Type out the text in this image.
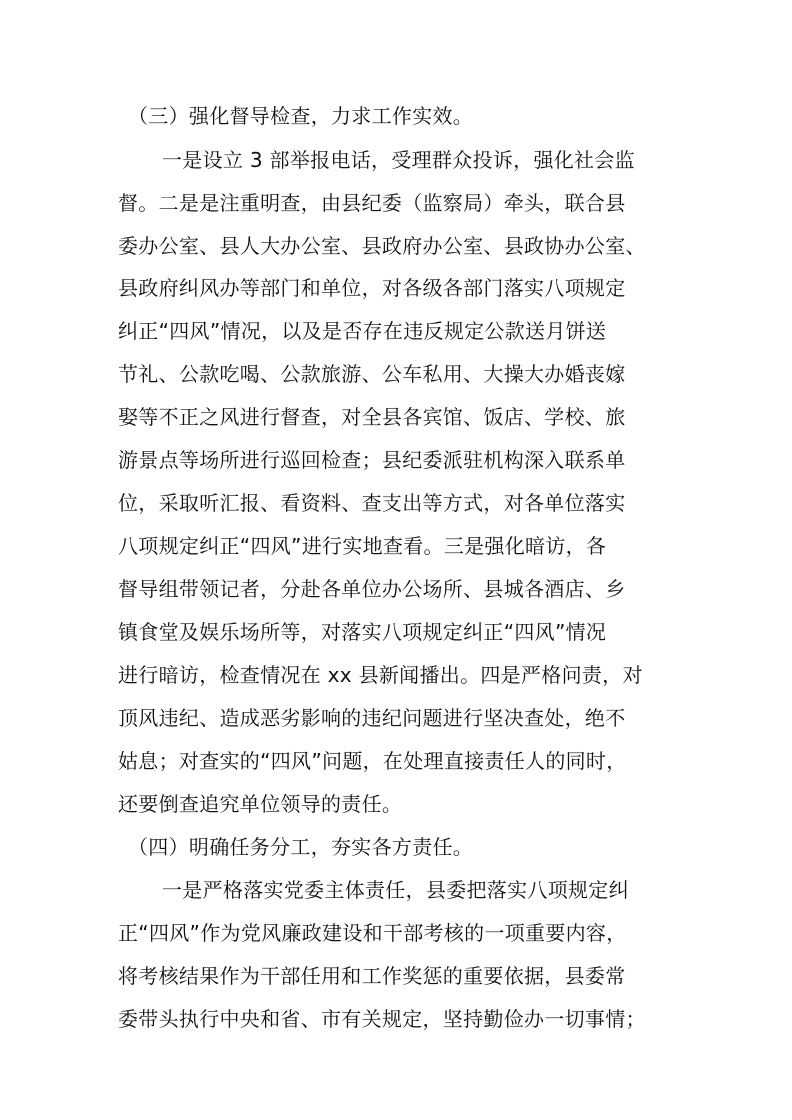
（三）强化督导检查，力求工作实效。
一是设立 3 部举报电话，受理群众投诉，强化社会监
督。二是是注重明查，由县纪委（监察局）牵头，联合县
委办公室、县人大办公室、县政府办公室、县政协办公室、
县政府纠风办等部门和单位，对各级各部门落实八项规定
纠正“四风”情况，以及是否存在违反规定公款送月饼送
节礼、公款吃喝、公款旅游、公车私用、大操大办婚丧嫁
娶等不正之风进行督查，对全县各宾馆、饭店、学校、旅
游景点等场所进行巡回检查；县纪委派驻机构深入联系单
位，采取听汇报、看资料、查支出等方式，对各单位落实
八项规定纠正“四风”进行实地查看。三是强化暗访，各
督导组带领记者，分赴各单位办公场所、县城各酒店、乡
镇食堂及娱乐场所等，对落实八项规定纠正“四风”情况
进行暗访，检查情况在 xx 县新闻播出。四是严格问责，对
顶风违纪、造成恶劣影响的违纪问题进行坚决查处，绝不
姑息；对查实的“四风”问题，在处理直接责任人的同时，
还要倒查追究单位领导的责任。
（四）明确任务分工，夯实各方责任。
一是严格落实党委主体责任，县委把落实八项规定纠
正“四风”作为党风廉政建设和干部考核的一项重要内容，
将考核结果作为干部任用和工作奖惩的重要依据，县委常
委带头执行中央和省、市有关规定，坚持勤俭办一切事情；
